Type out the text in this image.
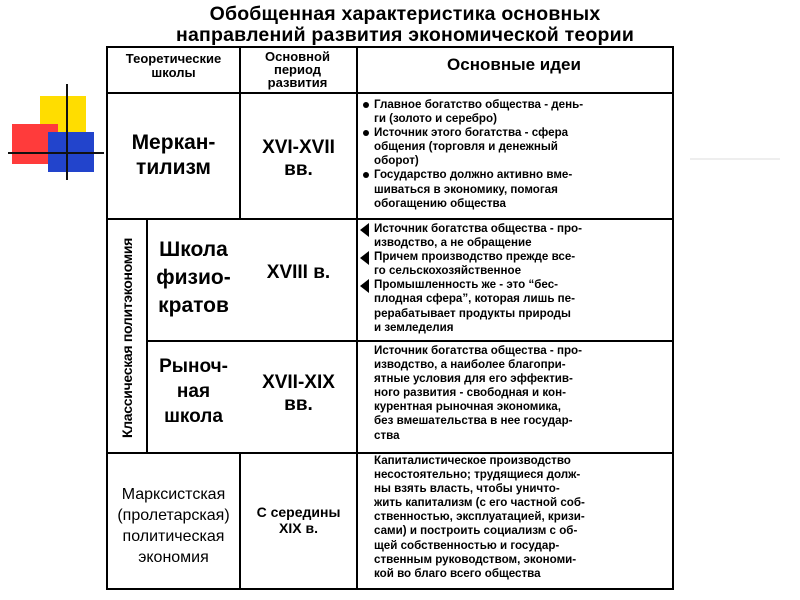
Обобщенная характеристика основных
направлений развития экономической теории
Теоретические
школы
Основной
период
развития
Основные идеи
Меркан-
тилизм
XVI-XVII
вв.
Главное богатство общества - день-
ги (золото и серебро)
Источник этого богатства - сфера
общения (торговля и денежный
оборот)
Государство должно активно вме-
шиваться в экономику, помогая
обогащению общества
Классическая политэкономия	Школа
физио-
кратов
XVIII в.
Источник богатства общества - про-
изводство, а не обращение
Причем производство прежде все-
го сельскохозяйственное
Промышленность же - это “бес-
плодная сфера”, которая лишь пе-
рерабатывает продукты природы
и земледелия
Рыноч-
ная
школа
XVII-XIX
вв.
Источник богатства общества - про-
изводство, а наиболее благопри-
ятные условия для его эффектив-
ного развития - свободная и кон-
курентная рыночная экономика,
без вмешательства в нее государ-
ства
Марксистская
(пролетарская)
политическая
экономия
С середины
XIX в.
Капиталистическое производство
несостоятельно; трудящиеся долж-
ны взять власть, чтобы уничто-
жить капитализм (с его частной соб-
ственностью, эксплуатацией, кризи-
сами) и построить социализм с об-
щей собственностью и государ-
ственным руководством, экономи-
кой во благо всего общества
